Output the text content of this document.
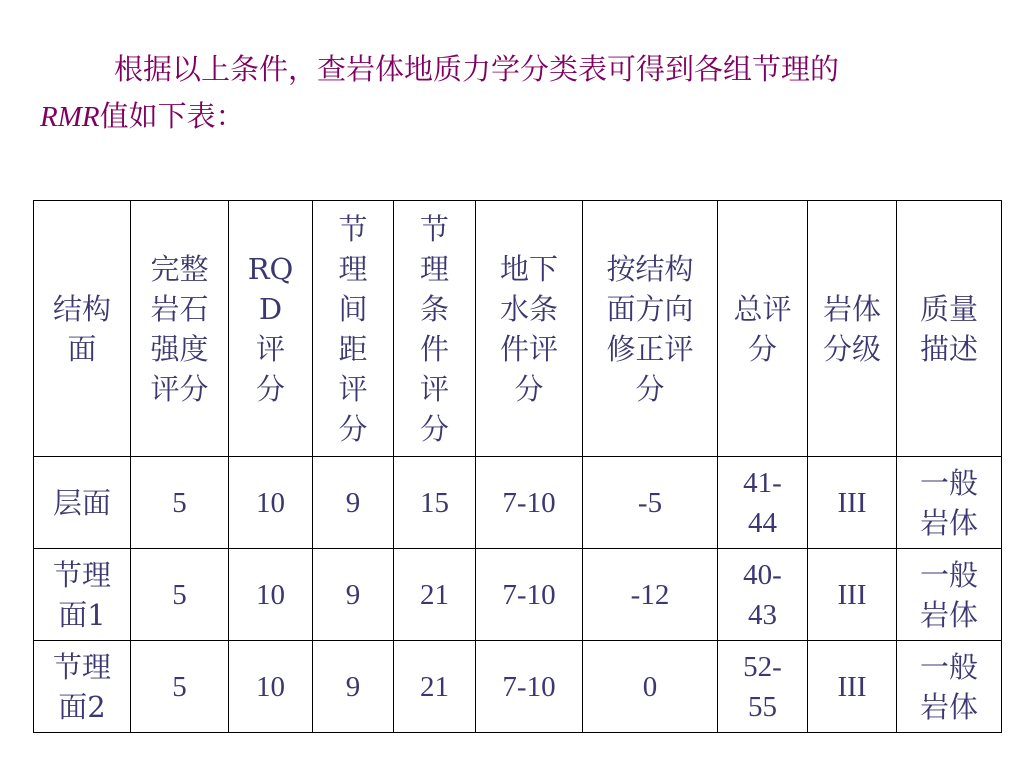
根据以上条件，查岩体地质力学分类表可得到各组节理的
RMR值如下表：

结构面	完整岩石强度评分	RQD评分	节理间距评分	节理条件评分	地下水条件评分	按结构面方向修正评分	总评分	岩体分级	质量描述
层面	5	10	9	15	7-10	-5	41-44	III	一般岩体
节理面1	5	10	9	21	7-10	-12	40-43	III	一般岩体
节理面2	5	10	9	21	7-10	0	52-55	III	一般岩体
